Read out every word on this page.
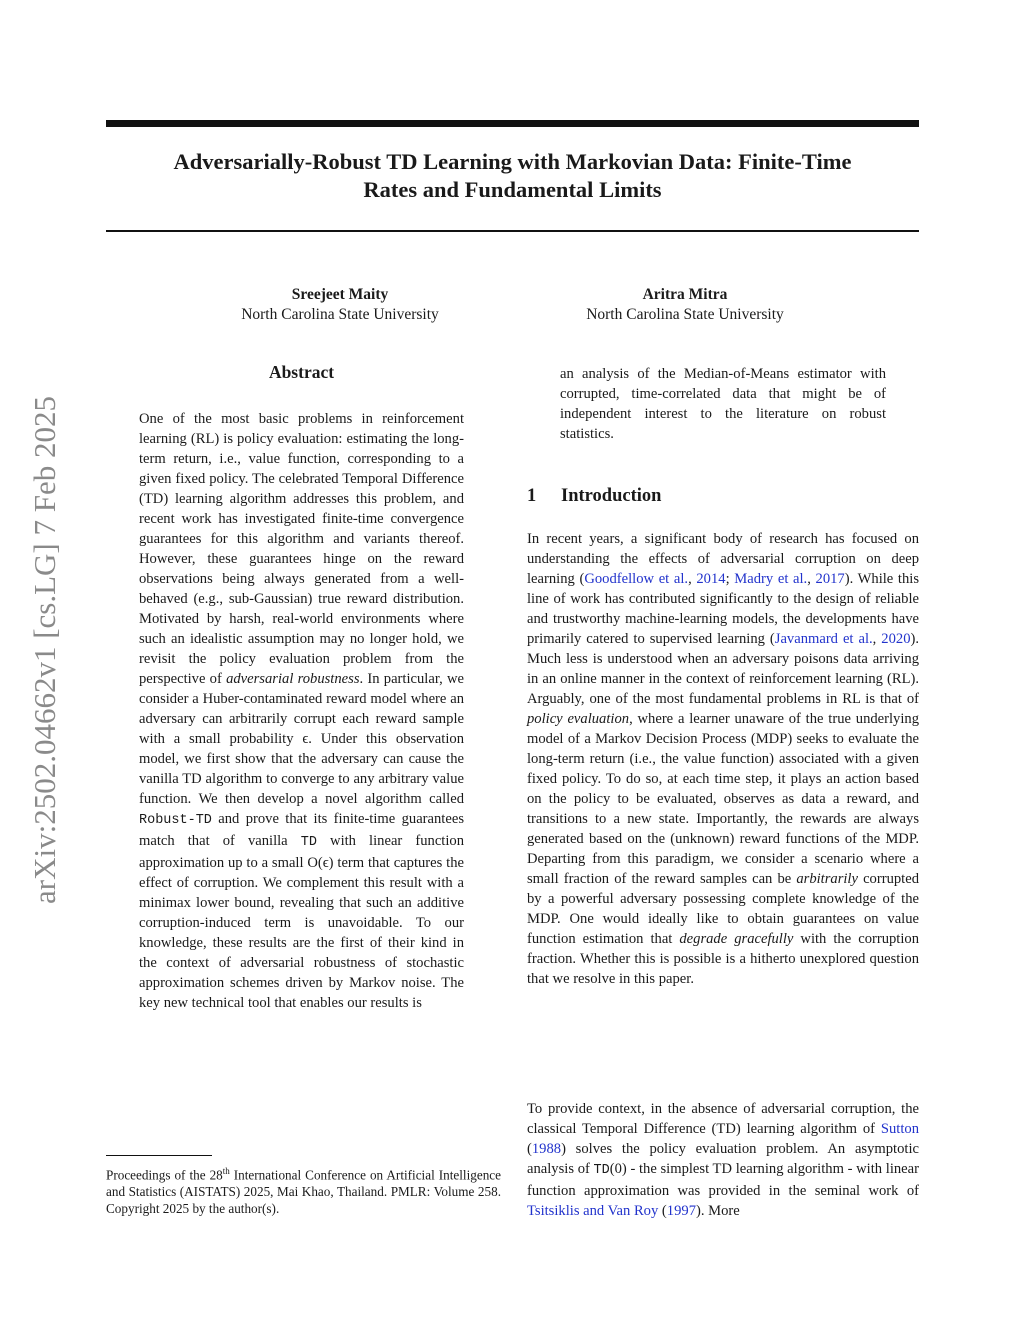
Adversarially-Robust TD Learning with Markovian Data: Finite-Time
Rates and Fundamental Limits
Sreejeet Maity
North Carolina State University
Aritra Mitra
North Carolina State University
arXiv:2502.04662v1 [cs.LG] 7 Feb 2025
Abstract
One of the most basic problems in reinforcement learning (RL) is policy evaluation: estimating the long-term return, i.e., value function, corresponding to a given fixed policy. The celebrated Temporal Difference (TD) learning algorithm addresses this problem, and recent work has investigated finite-time convergence guarantees for this algorithm and variants thereof. However, these guarantees hinge on the reward observations being always generated from a well-behaved (e.g., sub-Gaussian) true reward distribution. Motivated by harsh, real-world environments where such an idealistic assumption may no longer hold, we revisit the policy evaluation problem from the perspective of adversarial robustness. In particular, we consider a Huber-contaminated reward model where an adversary can arbitrarily corrupt each reward sample with a small probability ϵ. Under this observation model, we first show that the adversary can cause the vanilla TD algorithm to converge to any arbitrary value function. We then develop a novel algorithm called Robust-TD and prove that its finite-time guarantees match that of vanilla TD with linear function approximation up to a small O(ϵ) term that captures the effect of corruption. We complement this result with a minimax lower bound, revealing that such an additive corruption-induced term is unavoidable. To our knowledge, these results are the first of their kind in the context of adversarial robustness of stochastic approximation schemes driven by Markov noise. The key new technical tool that enables our results is
an analysis of the Median-of-Means estimator with corrupted, time-correlated data that might be of independent interest to the literature on robust statistics.
1 Introduction
In recent years, a significant body of research has focused on understanding the effects of adversarial corruption on deep learning (Goodfellow et al., 2014; Madry et al., 2017). While this line of work has contributed significantly to the design of reliable and trustworthy machine-learning models, the developments have primarily catered to supervised learning (Javanmard et al., 2020). Much less is understood when an adversary poisons data arriving in an online manner in the context of reinforcement learning (RL). Arguably, one of the most fundamental problems in RL is that of policy evaluation, where a learner unaware of the true underlying model of a Markov Decision Process (MDP) seeks to evaluate the long-term return (i.e., the value function) associated with a given fixed policy. To do so, at each time step, it plays an action based on the policy to be evaluated, observes as data a reward, and transitions to a new state. Importantly, the rewards are always generated based on the (unknown) reward functions of the MDP. Departing from this paradigm, we consider a scenario where a small fraction of the reward samples can be arbitrarily corrupted by a powerful adversary possessing complete knowledge of the MDP. One would ideally like to obtain guarantees on value function estimation that degrade gracefully with the corruption fraction. Whether this is possible is a hitherto unexplored question that we resolve in this paper.
To provide context, in the absence of adversarial corruption, the classical Temporal Difference (TD) learning algorithm of Sutton (1988) solves the policy evaluation problem. An asymptotic analysis of TD(0) - the simplest TD learning algorithm - with linear function approximation was provided in the seminal work of Tsitsiklis and Van Roy (1997). More
Proceedings of the 28th International Conference on Artificial Intelligence and Statistics (AISTATS) 2025, Mai Khao, Thailand. PMLR: Volume 258. Copyright 2025 by the author(s).
